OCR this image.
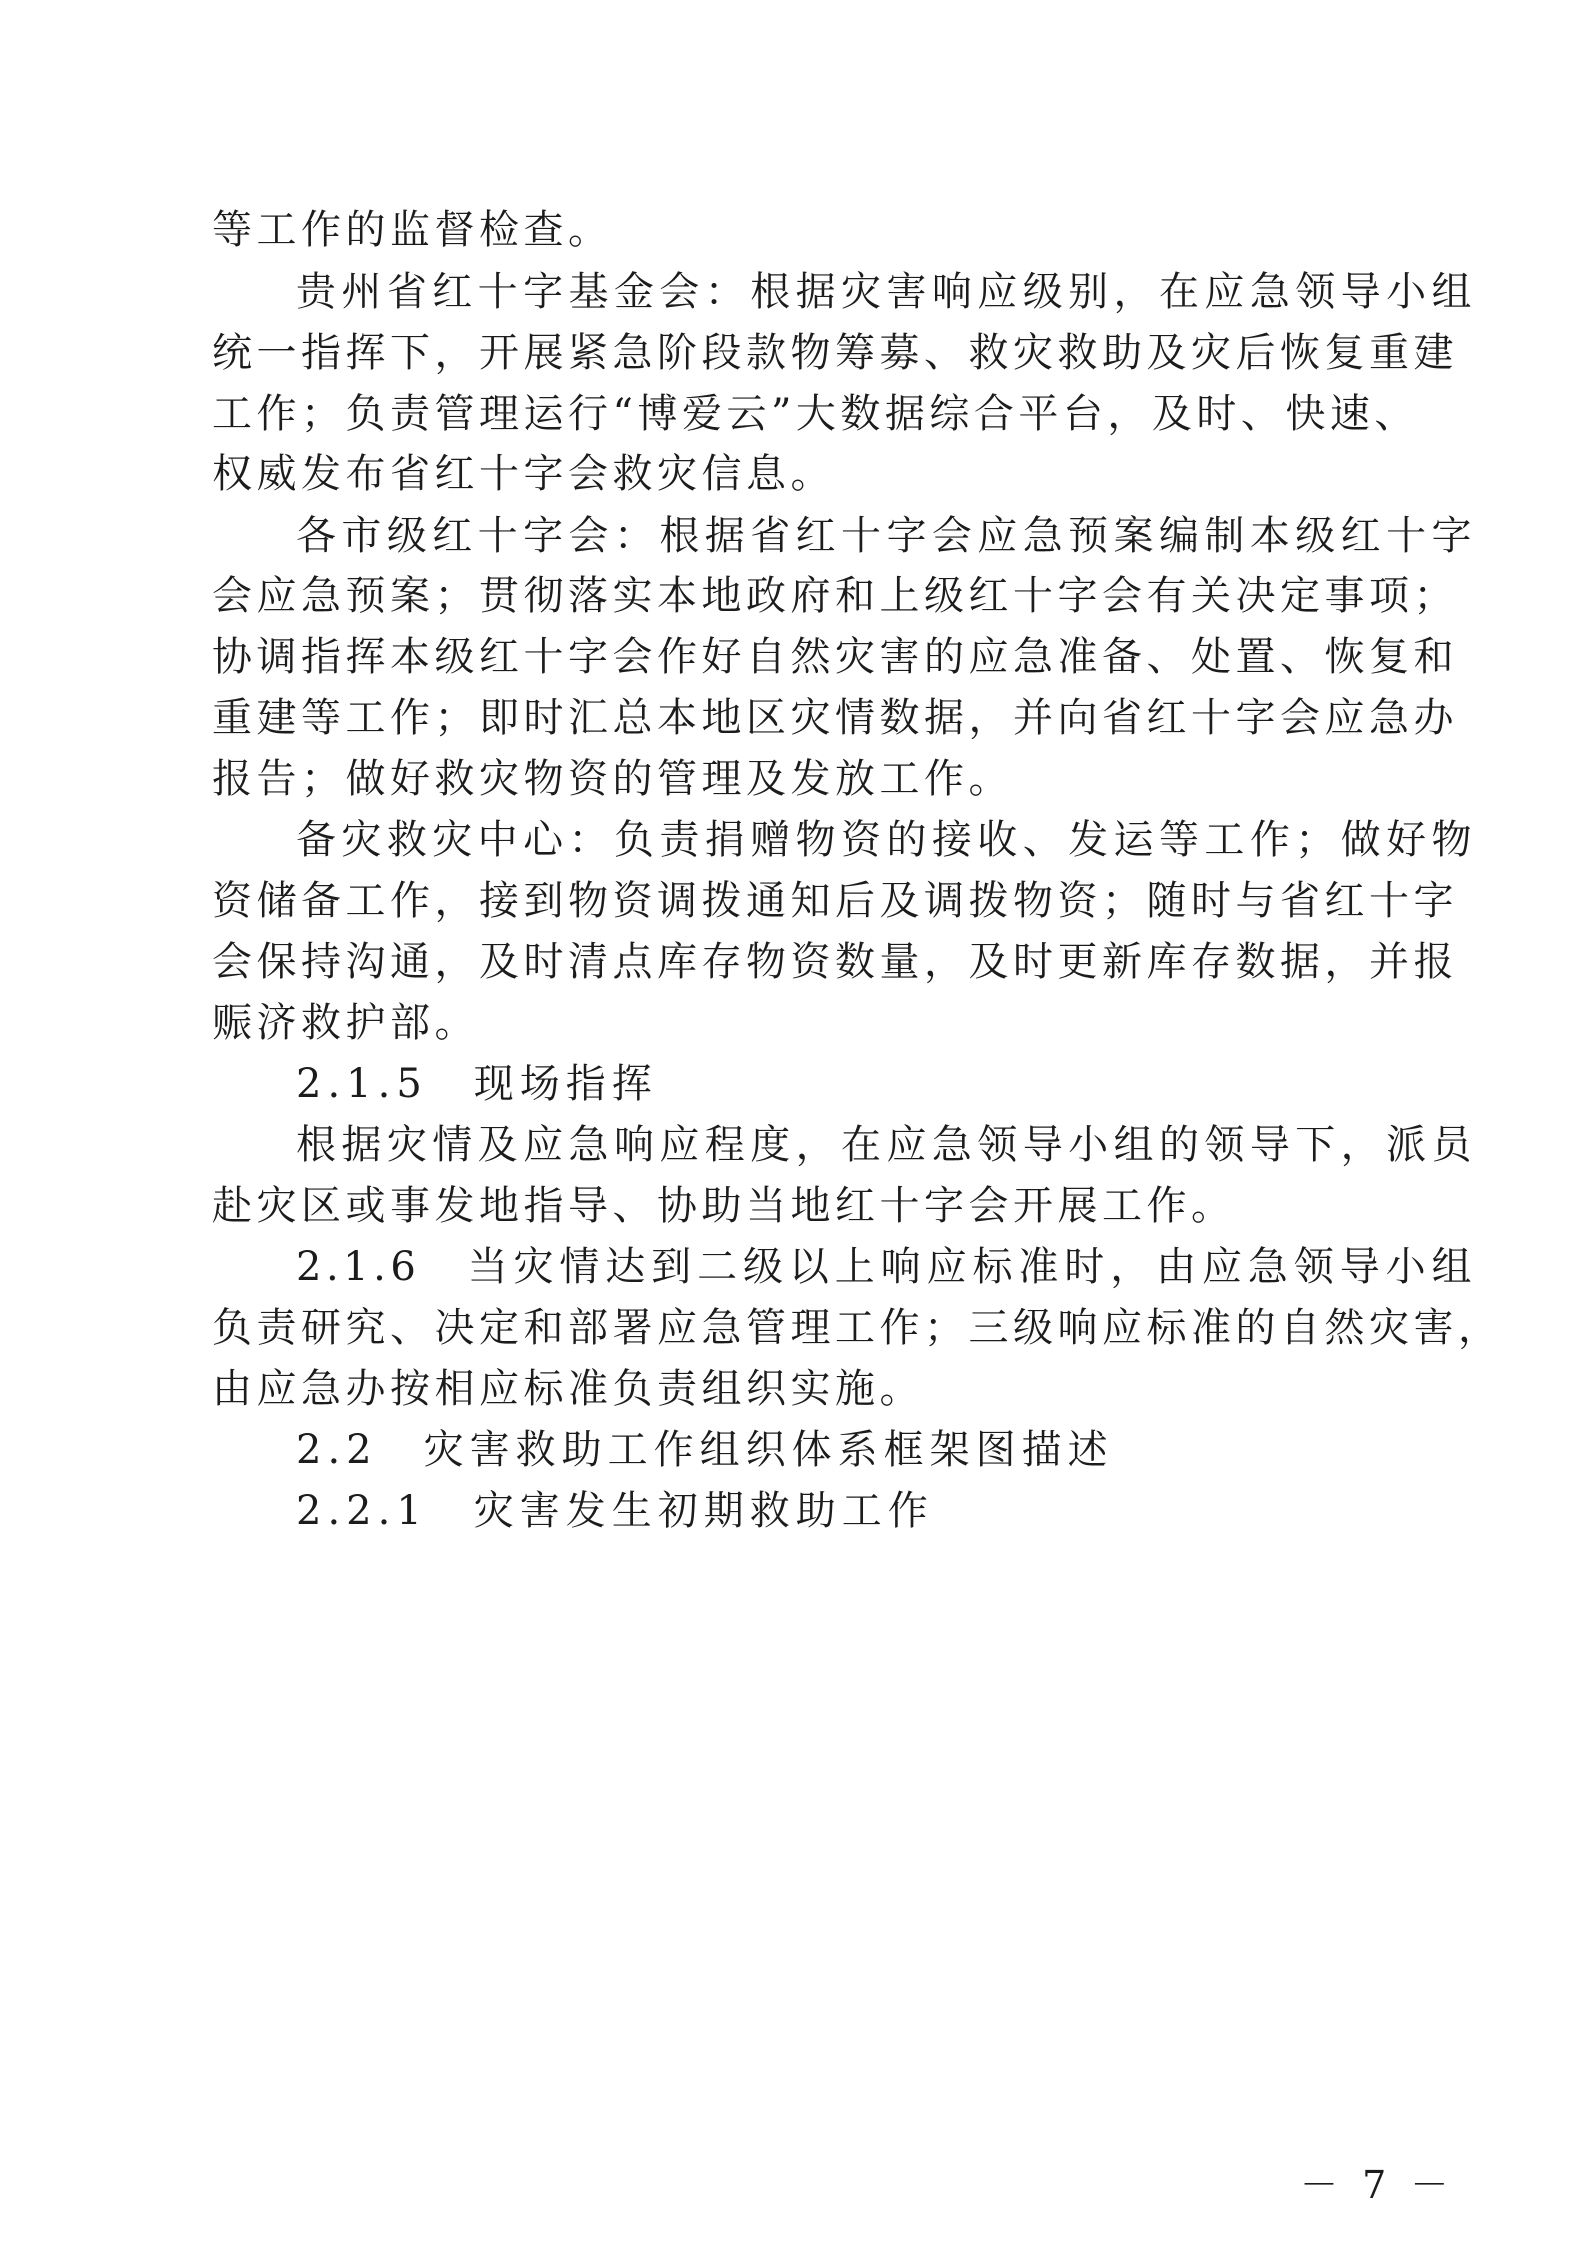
等工作的监督检查。
贵州省红十字基金会：根据灾害响应级别，在应急领导小组
统一指挥下，开展紧急阶段款物筹募、救灾救助及灾后恢复重建
工作；负责管理运行“博爱云”大数据综合平台，及时、快速、
权威发布省红十字会救灾信息。
各市级红十字会：根据省红十字会应急预案编制本级红十字
会应急预案；贯彻落实本地政府和上级红十字会有关决定事项；
协调指挥本级红十字会作好自然灾害的应急准备、处置、恢复和
重建等工作；即时汇总本地区灾情数据，并向省红十字会应急办
报告；做好救灾物资的管理及发放工作。
备灾救灾中心：负责捐赠物资的接收、发运等工作；做好物
资储备工作，接到物资调拨通知后及调拨物资；随时与省红十字
会保持沟通，及时清点库存物资数量，及时更新库存数据，并报
赈济救护部。
2.1.5　现场指挥
根据灾情及应急响应程度，在应急领导小组的领导下，派员
赴灾区或事发地指导、协助当地红十字会开展工作。
2.1.6　当灾情达到二级以上响应标准时，由应急领导小组
负责研究、决定和部署应急管理工作；三级响应标准的自然灾害，
由应急办按相应标准负责组织实施。
2.2　灾害救助工作组织体系框架图描述
2.2.1　灾害发生初期救助工作
－ 7 －
